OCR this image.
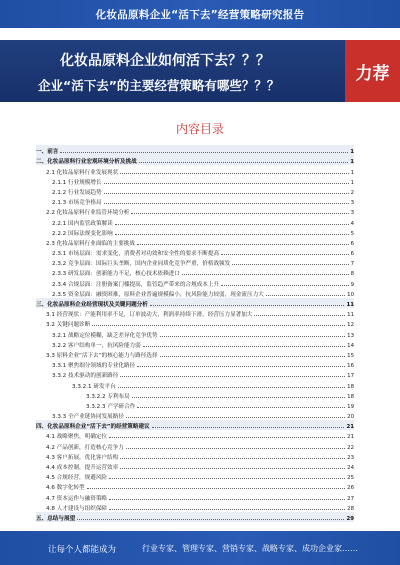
化妆品原料企业“活下去”经营策略研究报告
化妆品原料企业如何活下去？？？
企业“活下去”的主要经营策略有哪些？？？
力荐
内容目录
一、前言	1
二、化妆品原料行业宏观环境分析及挑战	1
2.1 化妆品原料行业发展现状	1
2.1.1 行业规模增长	1
2.1.2 行业发展趋势	2
2.1.3 市场竞争格局	3
2.2 化妆品原料行业监管环境分析	3
2.2.1 国内监管政策解读	4
2.2.2 国际法规变化影响	5
2.3 化妆品原料行业面临的主要挑战	6
2.3.1 市场层面：需求变化，消费者对功效和安全性的要求不断提高	6
2.3.2 竞争层面：国际巨头垄断，国内企业同质化竞争严重，价格战频发	7
2.3.3 研发层面：创新能力不足，核心技术依赖进口	8
2.3.4 合规层面：注册备案门槛提高，监管趋严带来的合规成本上升	9
2.3.5 资金层面：融资困难，原料企业普遍规模偏小，抗风险能力较弱，现金流压力大	10
三、化妆品原料企业经营现状及关键问题分析	11
3.1 经营现状：产能利用率不足，订单波动大，利润率持续下滑，经营压力显著加大	11
3.2 关键问题诊断	12
3.2.1 战略定位模糊，缺乏差异化竞争优势	13
3.2.2 客户结构单一，抗风险能力弱	14
3.3 原料企业“活下去”的核心能力与路径选择	15
3.3.1 聚焦细分领域的专业化路径	16
3.3.2 技术驱动的创新路径	17
3.3.2.1 研发平台	18
3.3.2.2 专利布局	18
3.3.2.3 产学研合作	19
3.3.3 全产业链协同发展路径	20
四、化妆品原料企业“活下去”的经营策略建议	21
4.1 战略聚焦，明确定位	21
4.2 产品创新，打造核心竞争力	22
4.3 客户拓展，优化客户结构	23
4.4 成本控制，提升运营效率	24
4.5 合规经营，规避风险	25
4.6 数字化转型	26
4.7 资本运作与融资策略	27
4.8 人才建设与组织保障	28
五、总结与展望	29
让每个人都能成为	行业专家、管理专家、营销专家、战略专家、成功企业家……
